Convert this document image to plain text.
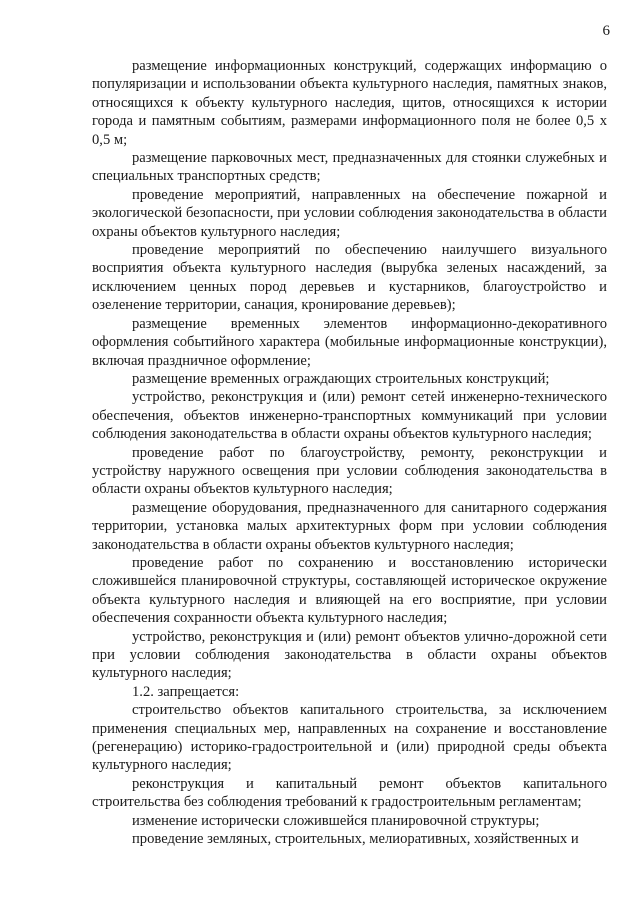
6

размещение информационных конструкций, содержащих информацию о популяризации и использовании объекта культурного наследия, памятных знаков, относящихся к объекту культурного наследия, щитов, относящихся к истории города и памятным событиям, размерами информационного поля не более 0,5 х 0,5 м;

размещение парковочных мест, предназначенных для стоянки служебных и специальных транспортных средств;

проведение мероприятий, направленных на обеспечение пожарной и экологической безопасности, при условии соблюдения законодательства в области охраны объектов культурного наследия;

проведение мероприятий по обеспечению наилучшего визуального восприятия объекта культурного наследия (вырубка зеленых насаждений, за исключением ценных пород деревьев и кустарников, благоустройство и озеленение территории, санация, кронирование деревьев);

размещение временных элементов информационно-декоративного оформления событийного характера (мобильные информационные конструкции), включая праздничное оформление;

размещение временных ограждающих строительных конструкций;

устройство, реконструкция и (или) ремонт сетей инженерно-технического обеспечения, объектов инженерно-транспортных коммуникаций при условии соблюдения законодательства в области охраны объектов культурного наследия;

проведение работ по благоустройству, ремонту, реконструкции и устройству наружного освещения при условии соблюдения законодательства в области охраны объектов культурного наследия;

размещение оборудования, предназначенного для санитарного содержания территории, установка малых архитектурных форм при условии соблюдения законодательства в области охраны объектов культурного наследия;

проведение работ по сохранению и восстановлению исторически сложившейся планировочной структуры, составляющей историческое окружение объекта культурного наследия и влияющей на его восприятие, при условии обеспечения сохранности объекта культурного наследия;

устройство, реконструкция и (или) ремонт объектов улично-дорожной сети при условии соблюдения законодательства в области охраны объектов культурного наследия;

1.2. запрещается:

строительство объектов капитального строительства, за исключением применения специальных мер, направленных на сохранение и восстановление (регенерацию) историко-градостроительной и (или) природной среды объекта культурного наследия;

реконструкция и капитальный ремонт объектов капитального строительства без соблюдения требований к градостроительным регламентам;

изменение исторически сложившейся планировочной структуры;

проведение земляных, строительных, мелиоративных, хозяйственных и
